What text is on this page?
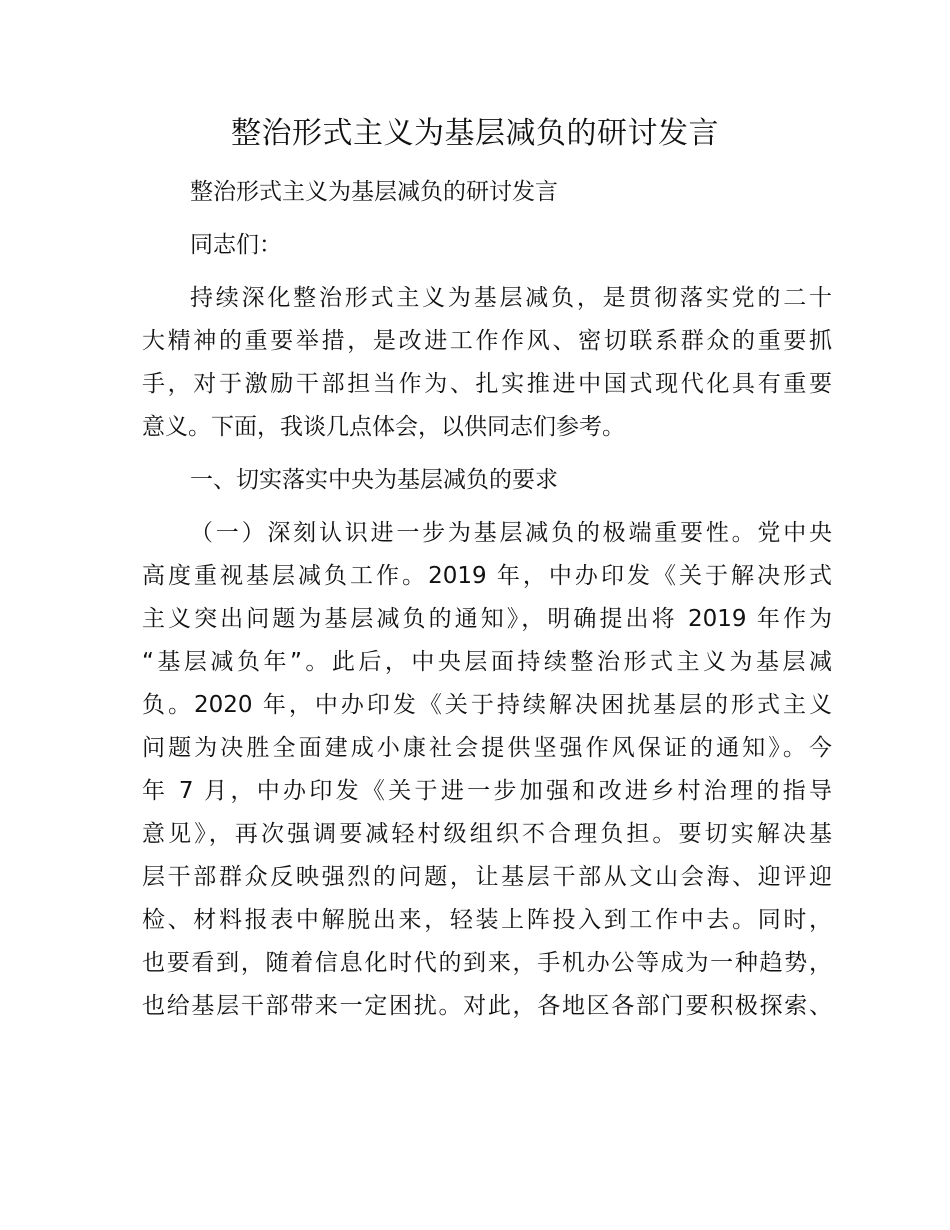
整治形式主义为基层减负的研讨发言
整治形式主义为基层减负的研讨发言
同志们：
持续深化整治形式主义为基层减负，是贯彻落实党的二十
大精神的重要举措，是改进工作作风、密切联系群众的重要抓
手，对于激励干部担当作为、扎实推进中国式现代化具有重要
意义。下面，我谈几点体会，以供同志们参考。
一、切实落实中央为基层减负的要求
（一）深刻认识进一步为基层减负的极端重要性。党中央
高度重视基层减负工作。2019 年，中办印发《关于解决形式
主义突出问题为基层减负的通知》，明确提出将 2019 年作为
“基层减负年”。此后，中央层面持续整治形式主义为基层减
负。2020 年，中办印发《关于持续解决困扰基层的形式主义
问题为决胜全面建成小康社会提供坚强作风保证的通知》。今
年 7 月，中办印发《关于进一步加强和改进乡村治理的指导
意见》，再次强调要减轻村级组织不合理负担。要切实解决基
层干部群众反映强烈的问题，让基层干部从文山会海、迎评迎
检、材料报表中解脱出来，轻装上阵投入到工作中去。同时，
也要看到，随着信息化时代的到来，手机办公等成为一种趋势，
也给基层干部带来一定困扰。对此，各地区各部门要积极探索、
